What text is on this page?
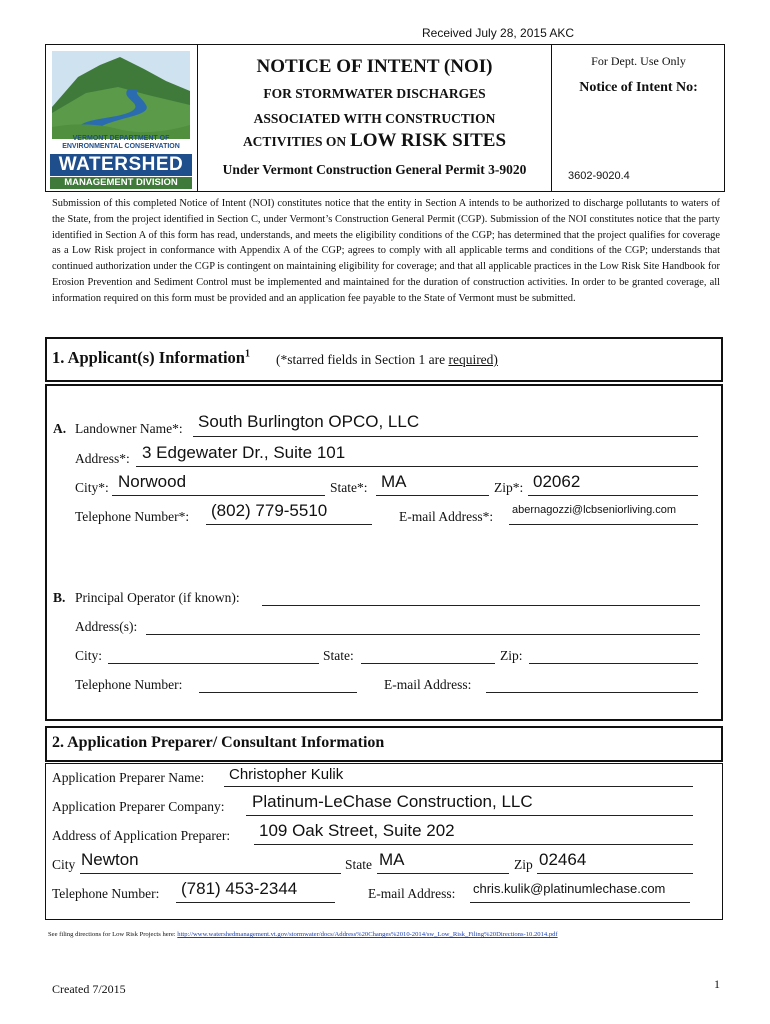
Received July 28, 2015 AKC
VERMONT DEPARTMENT OF
ENVIRONMENTAL CONSERVATION
WATERSHED
MANAGEMENT DIVISION
NOTICE OF INTENT (NOI)
FOR STORMWATER DISCHARGES
ASSOCIATED WITH CONSTRUCTION
ACTIVITIES ON LOW RISK SITES
Under Vermont Construction General Permit 3-9020
For Dept. Use Only
Notice of Intent No:
3602-9020.4
Submission of this completed Notice of Intent (NOI) constitutes notice that the entity in Section A intends to be authorized to discharge pollutants to waters of the State, from the project identified in Section C, under Vermont’s Construction General Permit (CGP). Submission of the NOI constitutes notice that the party identified in Section A of this form has read, understands, and meets the eligibility conditions of the CGP; has determined that the project qualifies for coverage as a Low Risk project in conformance with Appendix A of the CGP; agrees to comply with all applicable terms and conditions of the CGP; understands that continued authorization under the CGP is contingent on maintaining eligibility for coverage; and that all applicable practices in the Low Risk Site Handbook for Erosion Prevention and Sediment Control must be implemented and maintained for the duration of construction activities. In order to be granted coverage, all information required on this form must be provided and an application fee payable to the State of Vermont must be submitted.
1. Applicant(s) Information$^1$ (*starred fields in Section 1 are required)
A. Landowner Name*: South Burlington OPCO, LLC
Address*: 3 Edgewater Dr., Suite 101
City*: Norwood	State*: MA	Zip*: 02062
Telephone Number*: (802) 779-5510	E-mail Address*: abernagozzi@lcbseniorliving.com
B. Principal Operator (if known):
Address(s):
City:	State:	Zip:
Telephone Number:	E-mail Address:
2. Application Preparer/ Consultant Information
Application Preparer Name: Christopher Kulik
Application Preparer Company: Platinum-LeChase Construction, LLC
Address of Application Preparer: 109 Oak Street, Suite 202
City Newton	State MA	Zip 02464
Telephone Number: (781) 453-2344	E-mail Address: chris.kulik@platinumlechase.com
See filing directions for Low Risk Projects here: http://www.watershedmanagement.vt.gov/stormwater/docs/Address%20Changes%2010-2014/sw_Low_Risk_Filing%20Directions-10.2014.pdf
Created 7/2015	1
